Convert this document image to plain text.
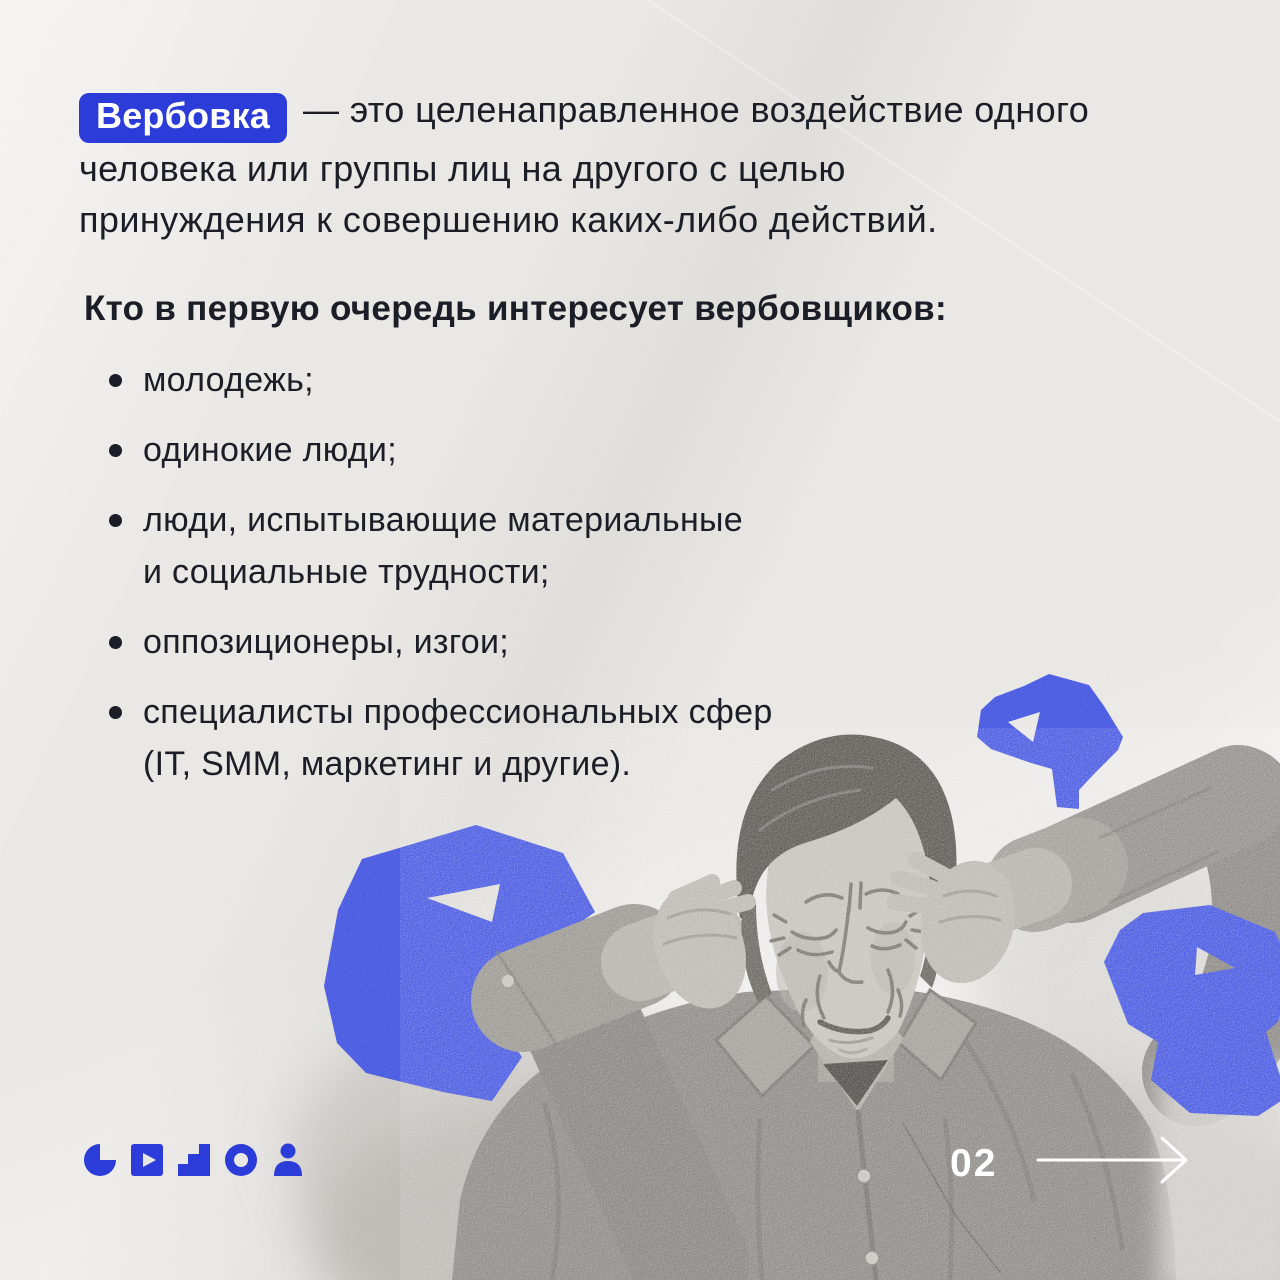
Вербовка — это целенаправленное воздействие одного
человека или группы лиц на другого с целью
принуждения к совершению каких-либо действий.

Кто в первую очередь интересует вербовщиков:
молодежь;
одинокие люди;
люди, испытывающие материальные
и социальные трудности;
оппозиционеры, изгои;
специалисты профессиональных сфер
(IT, SMM, маркетинг и другие).
02
